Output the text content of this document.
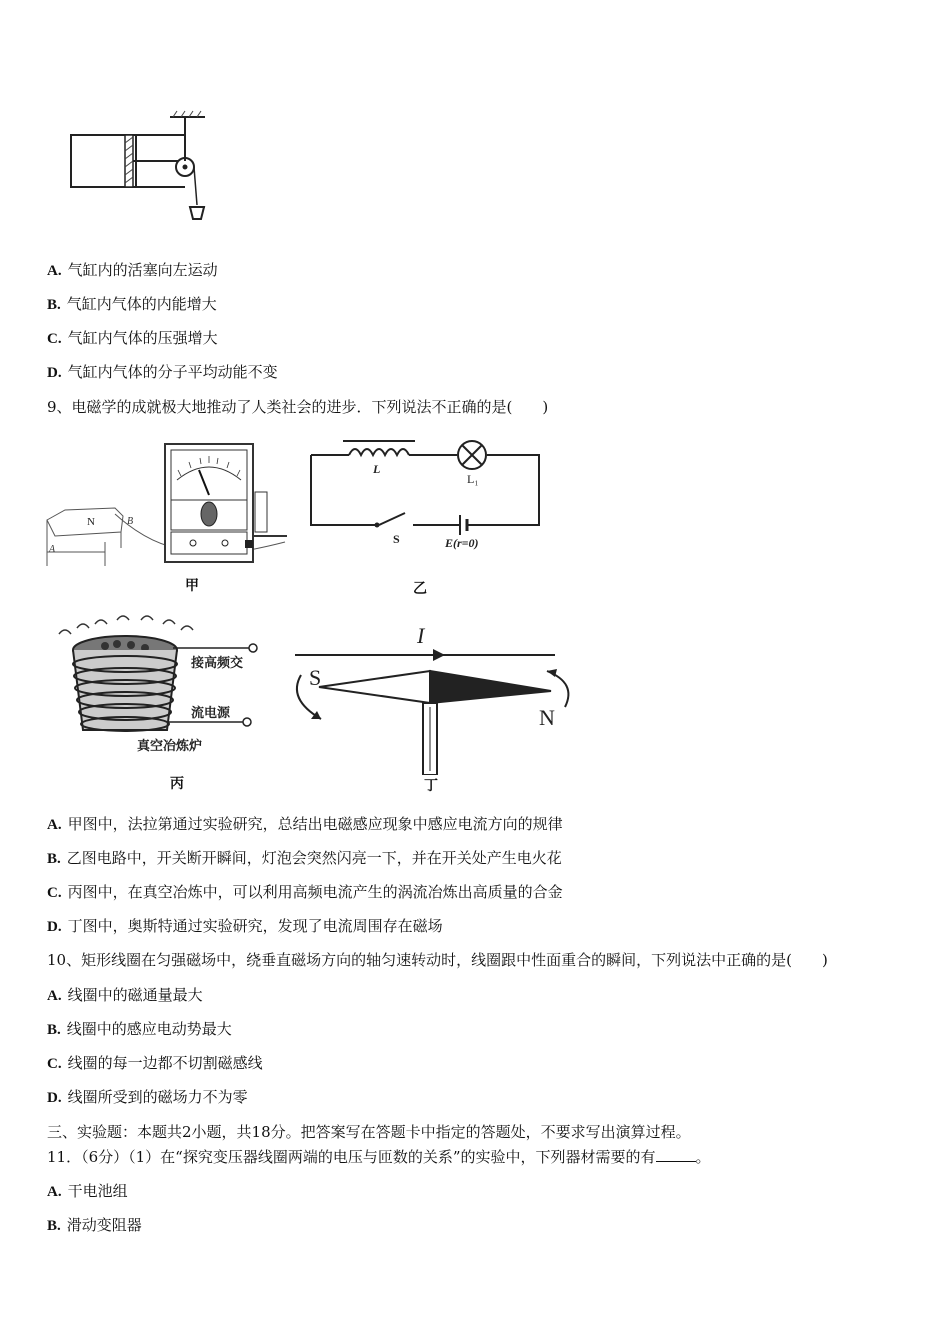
A. 气缸内的活塞向左运动
B. 气缸内气体的内能增大
C. 气缸内气体的压强增大
D. 气缸内气体的分子平均动能不变
9、电磁学的成就极大地推动了人类社会的进步．下列说法不正确的是(　　)
N
A
B
甲
L
L₁
S	E(r=0)
乙
接高频交
流电源
真空冶炼炉
丙
I
S
N
丁
A. 甲图中，法拉第通过实验研究，总结出电磁感应现象中感应电流方向的规律
B. 乙图电路中，开关断开瞬间，灯泡会突然闪亮一下，并在开关处产生电火花
C. 丙图中，在真空冶炼中，可以利用高频电流产生的涡流冶炼出高质量的合金
D. 丁图中，奥斯特通过实验研究，发现了电流周围存在磁场
10、矩形线圈在匀强磁场中，绕垂直磁场方向的轴匀速转动时，线圈跟中性面重合的瞬间，下列说法中正确的是(　　)
A. 线圈中的磁通量最大
B. 线圈中的感应电动势最大
C. 线圈的每一边都不切割磁感线
D. 线圈所受到的磁场力不为零
三、实验题：本题共2小题，共18分。把答案写在答题卡中指定的答题处，不要求写出演算过程。
11．（6分）（1）在“探究变压器线圈两端的电压与匝数的关系”的实验中，下列器材需要的有	。
A. 干电池组
B. 滑动变阻器
